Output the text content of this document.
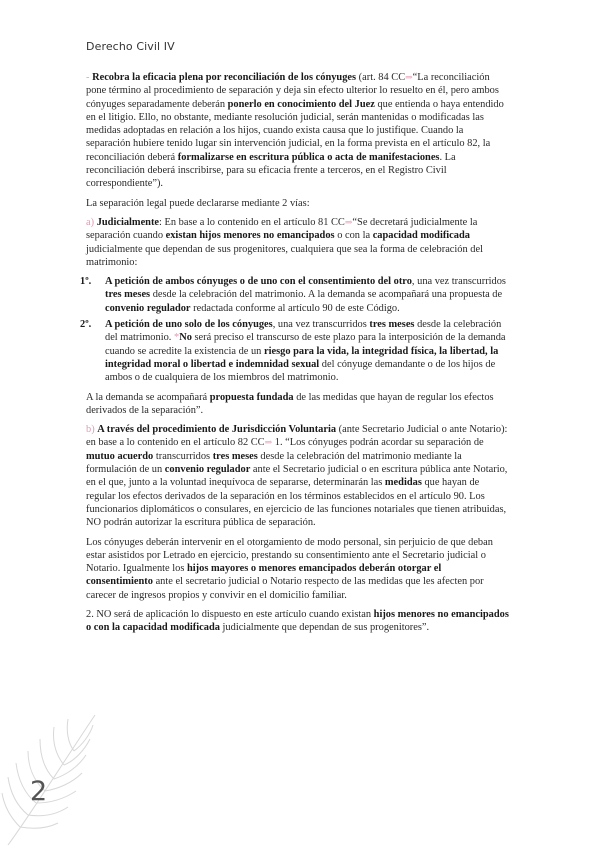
Derecho Civil IV

- Recobra la eficacia plena por reconciliación de los cónyuges (art. 84 CC⇒“La reconciliación pone término al procedimiento de separación y deja sin efecto ulterior lo resuelto en él, pero ambos cónyuges separadamente deberán ponerlo en conocimiento del Juez que entienda o haya entendido en el litigio. Ello, no obstante, mediante resolución judicial, serán mantenidas o modificadas las medidas adoptadas en relación a los hijos, cuando exista causa que lo justifique. Cuando la separación hubiere tenido lugar sin intervención judicial, en la forma prevista en el artículo 82, la reconciliación deberá formalizarse en escritura pública o acta de manifestaciones. La reconciliación deberá inscribirse, para su eficacia frente a terceros, en el Registro Civil correspondiente”).

La separación legal puede declararse mediante 2 vías:

a) Judicialmente: En base a lo contenido en el artículo 81 CC⇒“Se decretará judicialmente la separación cuando existan hijos menores no emancipados o con la capacidad modificada judicialmente que dependan de sus progenitores, cualquiera que sea la forma de celebración del matrimonio:

1º. A petición de ambos cónyuges o de uno con el consentimiento del otro, una vez transcurridos tres meses desde la celebración del matrimonio. A la demanda se acompañará una propuesta de convenio regulador redactada conforme al artículo 90 de este Código.
2º. A petición de uno solo de los cónyuges, una vez transcurridos tres meses desde la celebración del matrimonio. *No será preciso el transcurso de este plazo para la interposición de la demanda cuando se acredite la existencia de un riesgo para la vida, la integridad física, la libertad, la integridad moral o libertad e indemnidad sexual del cónyuge demandante o de los hijos de ambos o de cualquiera de los miembros del matrimonio.

A la demanda se acompañará propuesta fundada de las medidas que hayan de regular los efectos derivados de la separación”.

b) A través del procedimiento de Jurisdicción Voluntaria (ante Secretario Judicial o ante Notario): en base a lo contenido en el artículo 82 CC⇒ 1. “Los cónyuges podrán acordar su separación de mutuo acuerdo transcurridos tres meses desde la celebración del matrimonio mediante la formulación de un convenio regulador ante el Secretario judicial o en escritura pública ante Notario, en el que, junto a la voluntad inequívoca de separarse, determinarán las medidas que hayan de regular los efectos derivados de la separación en los términos establecidos en el artículo 90. Los funcionarios diplomáticos o consulares, en ejercicio de las funciones notariales que tienen atribuidas, NO podrán autorizar la escritura pública de separación.

Los cónyuges deberán intervenir en el otorgamiento de modo personal, sin perjuicio de que deban estar asistidos por Letrado en ejercicio, prestando su consentimiento ante el Secretario judicial o Notario. Igualmente los hijos mayores o menores emancipados deberán otorgar el consentimiento ante el secretario judicial o Notario respecto de las medidas que les afecten por carecer de ingresos propios y convivir en el domicilio familiar.

2. NO será de aplicación lo dispuesto en este artículo cuando existan hijos menores no emancipados o con la capacidad modificada judicialmente que dependan de sus progenitores”.

2
